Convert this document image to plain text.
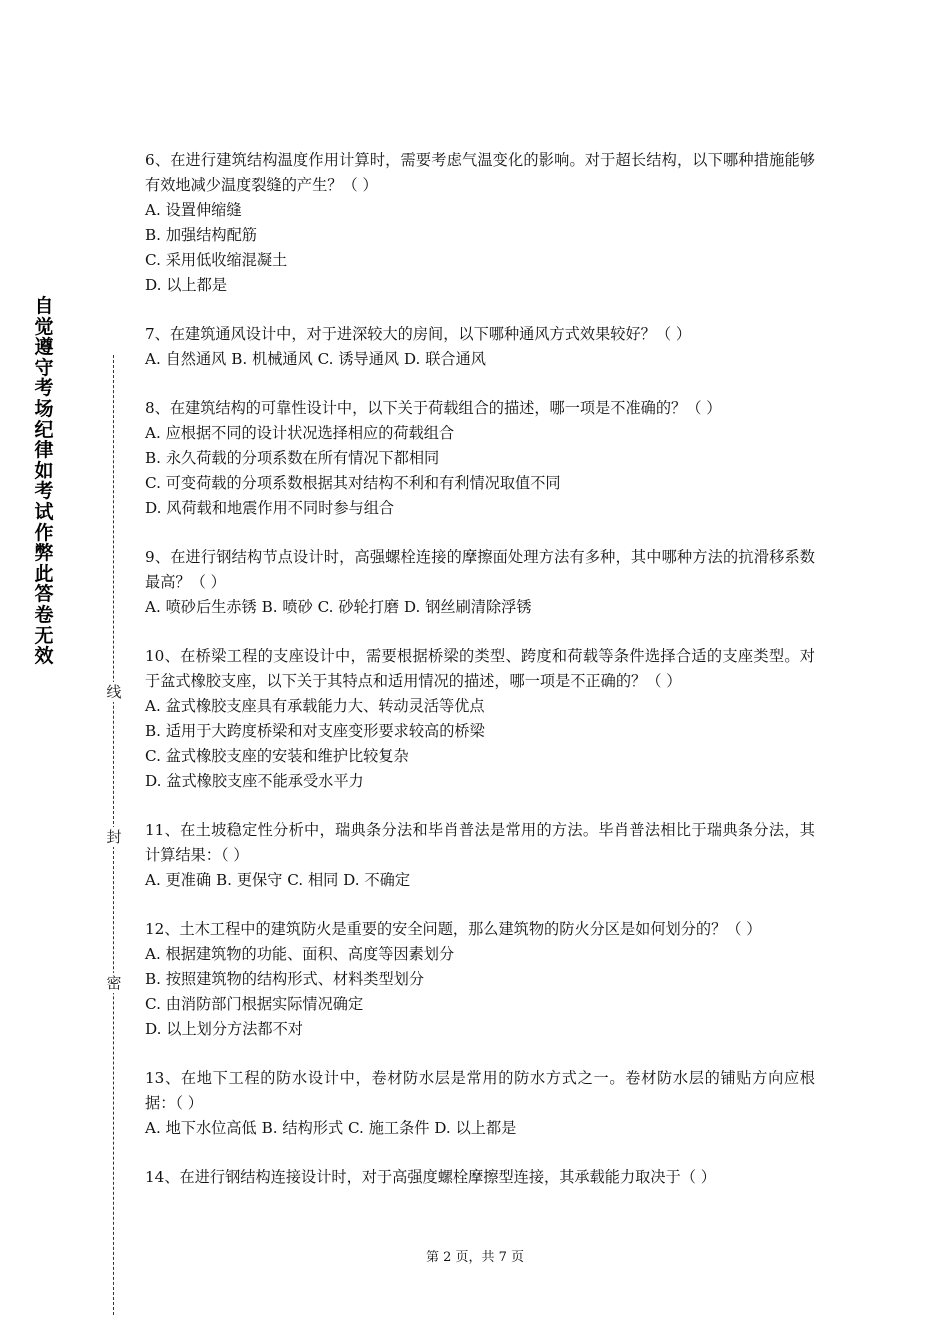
自觉遵守考场纪律如考试作弊此答卷无效
线
封
密

6、在进行建筑结构温度作用计算时，需要考虑气温变化的影响。对于超长结构，以下哪种措施能够有效地减少温度裂缝的产生？（ ）

A. 设置伸缩缝

B. 加强结构配筋

C. 采用低收缩混凝土

D. 以上都是

7、在建筑通风设计中，对于进深较大的房间，以下哪种通风方式效果较好？（ ）

A. 自然通风 B. 机械通风 C. 诱导通风 D. 联合通风

8、在建筑结构的可靠性设计中，以下关于荷载组合的描述，哪一项是不准确的？（ ）

A. 应根据不同的设计状况选择相应的荷载组合

B. 永久荷载的分项系数在所有情况下都相同

C. 可变荷载的分项系数根据其对结构不利和有利情况取值不同

D. 风荷载和地震作用不同时参与组合

9、在进行钢结构节点设计时，高强螺栓连接的摩擦面处理方法有多种，其中哪种方法的抗滑移系数最高？（ ）

A. 喷砂后生赤锈 B. 喷砂 C. 砂轮打磨 D. 钢丝刷清除浮锈

10、在桥梁工程的支座设计中，需要根据桥梁的类型、跨度和荷载等条件选择合适的支座类型。对于盆式橡胶支座，以下关于其特点和适用情况的描述，哪一项是不正确的？（ ）

A. 盆式橡胶支座具有承载能力大、转动灵活等优点

B. 适用于大跨度桥梁和对支座变形要求较高的桥梁

C. 盆式橡胶支座的安装和维护比较复杂

D. 盆式橡胶支座不能承受水平力

11、在土坡稳定性分析中，瑞典条分法和毕肖普法是常用的方法。毕肖普法相比于瑞典条分法，其计算结果：（ ）

A. 更准确 B. 更保守 C. 相同 D. 不确定

12、土木工程中的建筑防火是重要的安全问题，那么建筑物的防火分区是如何划分的？（ ）

A. 根据建筑物的功能、面积、高度等因素划分

B. 按照建筑物的结构形式、材料类型划分

C. 由消防部门根据实际情况确定

D. 以上划分方法都不对

13、在地下工程的防水设计中，卷材防水层是常用的防水方式之一。卷材防水层的铺贴方向应根据：（ ）

A. 地下水位高低 B. 结构形式 C. 施工条件 D. 以上都是

14、在进行钢结构连接设计时，对于高强度螺栓摩擦型连接，其承载能力取决于（ ）

第 2 页，共 7 页
